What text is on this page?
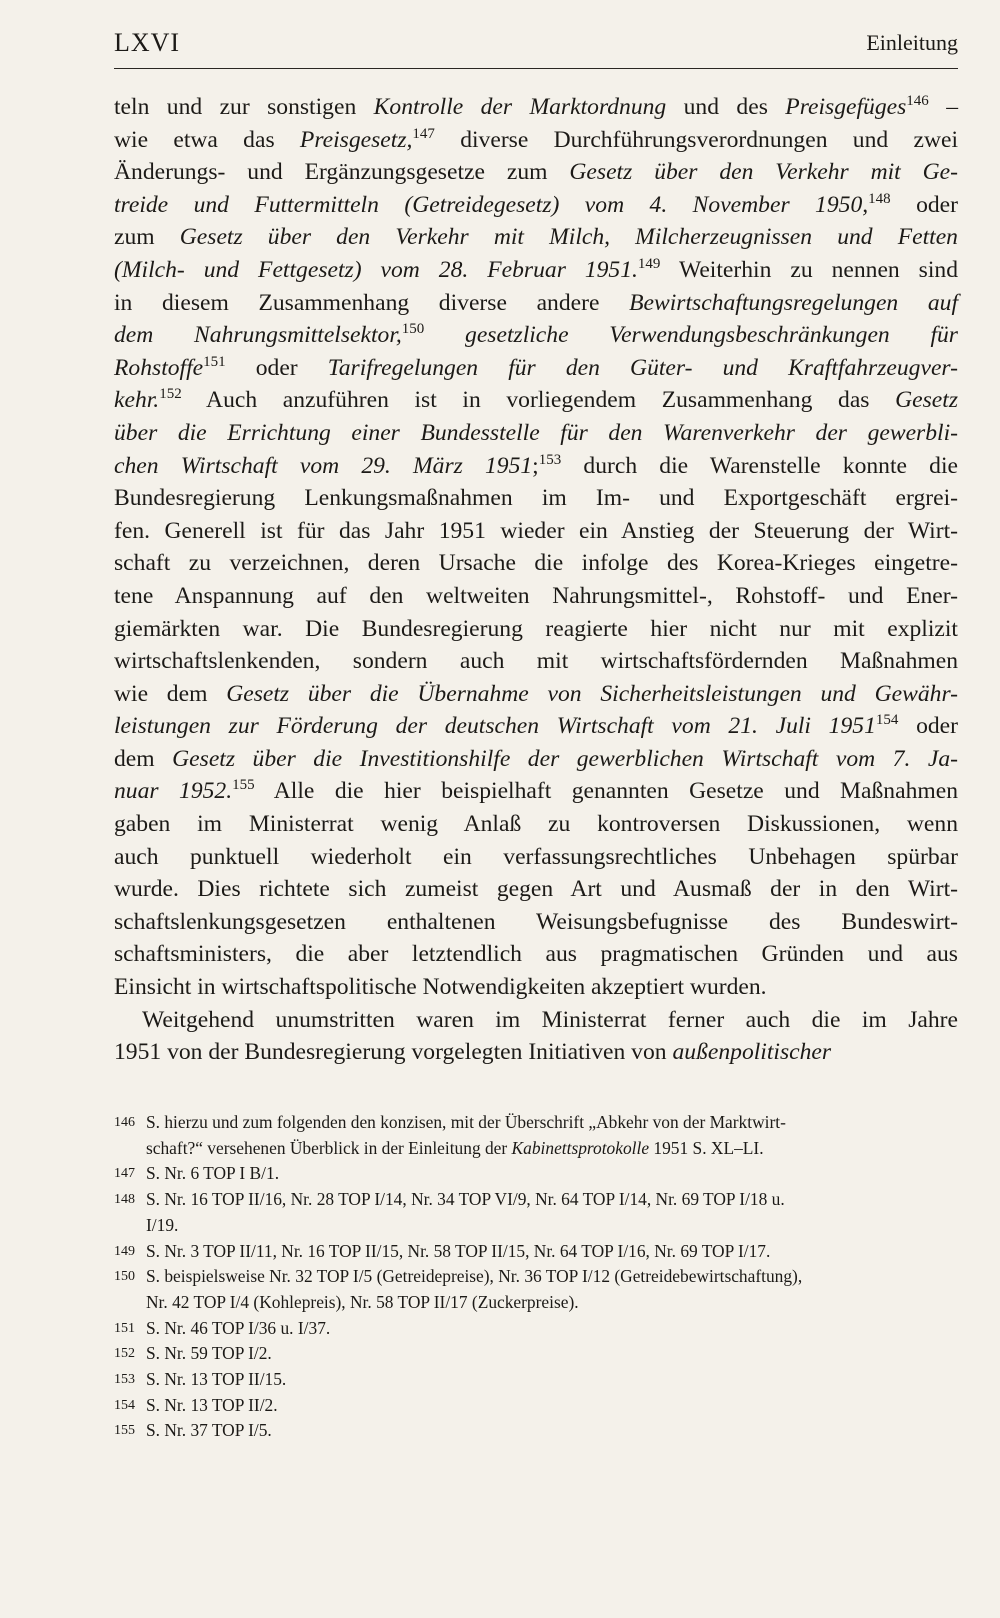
LXVI	Einleitung
teln und zur sonstigen Kontrolle der Marktordnung und des Preisgefüges$^{146}$ –
wie etwa das Preisgesetz,$^{147}$ diverse Durchführungsverordnungen und zwei
Änderungs- und Ergänzungsgesetze zum Gesetz über den Verkehr mit Ge-
treide und Futtermitteln (Getreidegesetz) vom 4. November 1950,$^{148}$ oder
zum Gesetz über den Verkehr mit Milch, Milcherzeugnissen und Fetten
(Milch- und Fettgesetz) vom 28. Februar 1951.$^{149}$ Weiterhin zu nennen sind
in diesem Zusammenhang diverse andere Bewirtschaftungsregelungen auf
dem Nahrungsmittelsektor,$^{150}$ gesetzliche Verwendungsbeschränkungen für
Rohstoffe$^{151}$ oder Tarifregelungen für den Güter- und Kraftfahrzeugver-
kehr.$^{152}$ Auch anzuführen ist in vorliegendem Zusammenhang das Gesetz
über die Errichtung einer Bundesstelle für den Warenverkehr der gewerbli-
chen Wirtschaft vom 29. März 1951;$^{153}$ durch die Warenstelle konnte die
Bundesregierung Lenkungsmaßnahmen im Im- und Exportgeschäft ergrei-
fen. Generell ist für das Jahr 1951 wieder ein Anstieg der Steuerung der Wirt-
schaft zu verzeichnen, deren Ursache die infolge des Korea-Krieges eingetre-
tene Anspannung auf den weltweiten Nahrungsmittel-, Rohstoff- und Ener-
giemärkten war. Die Bundesregierung reagierte hier nicht nur mit explizit
wirtschaftslenkenden, sondern auch mit wirtschaftsfördernden Maßnahmen
wie dem Gesetz über die Übernahme von Sicherheitsleistungen und Gewähr-
leistungen zur Förderung der deutschen Wirtschaft vom 21. Juli 1951$^{154}$ oder
dem Gesetz über die Investitionshilfe der gewerblichen Wirtschaft vom 7. Ja-
nuar 1952.$^{155}$ Alle die hier beispielhaft genannten Gesetze und Maßnahmen
gaben im Ministerrat wenig Anlaß zu kontroversen Diskussionen, wenn
auch punktuell wiederholt ein verfassungsrechtliches Unbehagen spürbar
wurde. Dies richtete sich zumeist gegen Art und Ausmaß der in den Wirt-
schaftslenkungsgesetzen enthaltenen Weisungsbefugnisse des Bundeswirt-
schaftsministers, die aber letztendlich aus pragmatischen Gründen und aus
Einsicht in wirtschaftspolitische Notwendigkeiten akzeptiert wurden.
Weitgehend unumstritten waren im Ministerrat ferner auch die im Jahre
1951 von der Bundesregierung vorgelegten Initiativen von außenpolitischer
146 S. hierzu und zum folgenden den konzisen, mit der Überschrift „Abkehr von der Marktwirt-
schaft?“ versehenen Überblick in der Einleitung der Kabinettsprotokolle 1951 S. XL–LI.
147 S. Nr. 6 TOP I B/1.
148 S. Nr. 16 TOP II/16, Nr. 28 TOP I/14, Nr. 34 TOP VI/9, Nr. 64 TOP I/14, Nr. 69 TOP I/18 u.
I/19.
149 S. Nr. 3 TOP II/11, Nr. 16 TOP II/15, Nr. 58 TOP II/15, Nr. 64 TOP I/16, Nr. 69 TOP I/17.
150 S. beispielsweise Nr. 32 TOP I/5 (Getreidepreise), Nr. 36 TOP I/12 (Getreidebewirtschaftung),
Nr. 42 TOP I/4 (Kohlepreis), Nr. 58 TOP II/17 (Zuckerpreise).
151 S. Nr. 46 TOP I/36 u. I/37.
152 S. Nr. 59 TOP I/2.
153 S. Nr. 13 TOP II/15.
154 S. Nr. 13 TOP II/2.
155 S. Nr. 37 TOP I/5.
